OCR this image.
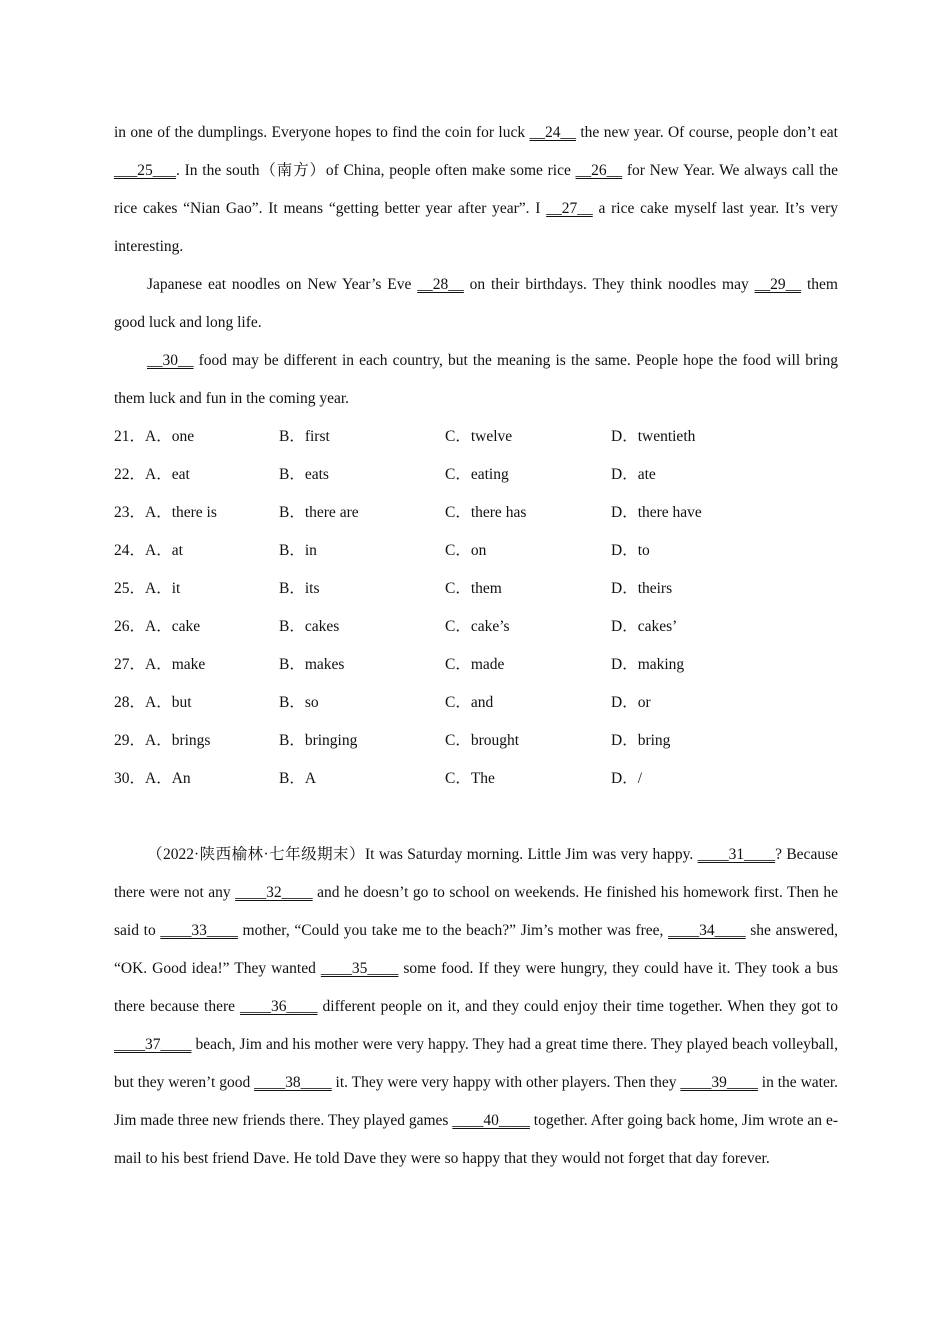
in one of the dumplings. Everyone hopes to find the coin for luck __24__ the new year. Of course, people don’t eat ___25___. In the south（南方）of China, people often make some rice __26__ for New Year. We always call the rice cakes “Nian Gao”. It means “getting better year after year”. I __27__ a rice cake myself last year. It’s very interesting.

Japanese eat noodles on New Year’s Eve __28__ on their birthdays. They think noodles may __29__ them good luck and long life.

__30__ food may be different in each country, but the meaning is the same. People hope the food will bring them luck and fun in the coming year.

21．A．one	B．first	C．twelve	D．twentieth
22．A．eat	B．eats	C．eating	D．ate
23．A．there is	B．there are	C．there has	D．there have
24．A．at	B．in	C．on	D．to
25．A．it	B．its	C．them	D．theirs
26．A．cake	B．cakes	C．cake’s	D．cakes’
27．A．make	B．makes	C．made	D．making
28．A．but	B．so	C．and	D．or
29．A．brings	B．bringing	C．brought	D．bring
30．A．An	B．A	C．The	D．/

（2022·陕西榆林·七年级期末）It was Saturday morning. Little Jim was very happy. ____31____? Because there were not any ____32____ and he doesn’t go to school on weekends. He finished his homework first. Then he said to ____33____ mother, “Could you take me to the beach?” Jim’s mother was free, ____34____ she answered, “OK. Good idea!” They wanted ____35____ some food. If they were hungry, they could have it. They took a bus there because there ____36____ different people on it, and they could enjoy their time together. When they got to ____37____ beach, Jim and his mother were very happy. They had a great time there. They played beach volleyball, but they weren’t good ____38____ it. They were very happy with other players. Then they ____39____ in the water. Jim made three new friends there. They played games ____40____ together. After going back home, Jim wrote an e-mail to his best friend Dave. He told Dave they were so happy that they would not forget that day forever.
